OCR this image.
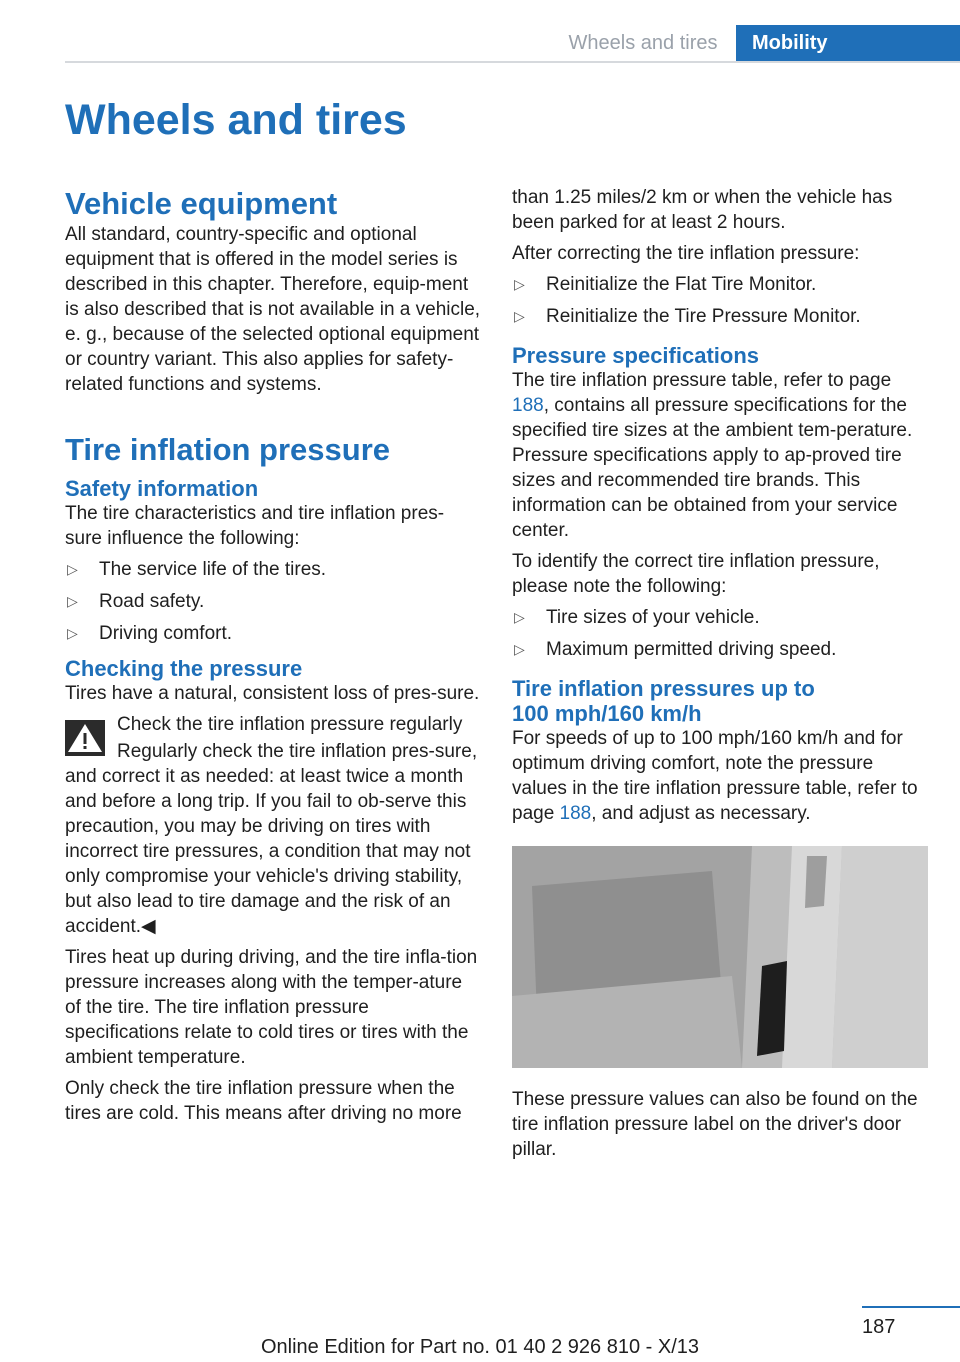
Wheels and tires	Mobility
Wheels and tires
Vehicle equipment

All standard, country-specific and optional equipment that is offered in the model series is described in this chapter. Therefore, equip-ment is also described that is not available in a vehicle, e. g., because of the selected optional equipment or country variant. This also applies for safety-related functions and systems.

Tire inflation pressure
Safety information

The tire characteristics and tire inflation pres-sure influence the following:

▷ The service life of the tires.
▷ Road safety.
▷ Driving comfort.
Checking the pressure

Tires have a natural, consistent loss of pres-sure.

Check the tire inflation pressure regularly

Regularly check the tire inflation pres-sure, and correct it as needed: at least twice a month and before a long trip. If you fail to ob-serve this precaution, you may be driving on tires with incorrect tire pressures, a condition that may not only compromise your vehicle's driving stability, but also lead to tire damage and the risk of an accident.◀

Tires heat up during driving, and the tire infla-tion pressure increases along with the temper-ature of the tire. The tire inflation pressure specifications relate to cold tires or tires with the ambient temperature.

Only check the tire inflation pressure when the tires are cold. This means after driving no more

than 1.25 miles/2 km or when the vehicle has been parked for at least 2 hours.

After correcting the tire inflation pressure:

▷ Reinitialize the Flat Tire Monitor.
▷ Reinitialize the Tire Pressure Monitor.
Pressure specifications

The tire inflation pressure table, refer to page 188, contains all pressure specifications for the specified tire sizes at the ambient tem-perature. Pressure specifications apply to ap-proved tire sizes and recommended tire brands. This information can be obtained from your service center.

To identify the correct tire inflation pressure, please note the following:

▷ Tire sizes of your vehicle.
▷ Maximum permitted driving speed.
Tire inflation pressures up to
100 mph/160 km/h

For speeds of up to 100 mph/160 km/h and for optimum driving comfort, note the pressure values in the tire inflation pressure table, refer to page 188, and adjust as necessary.

These pressure values can also be found on the tire inflation pressure label on the driver's door pillar.

187
Online Edition for Part no. 01 40 2 926 810 - X/13
